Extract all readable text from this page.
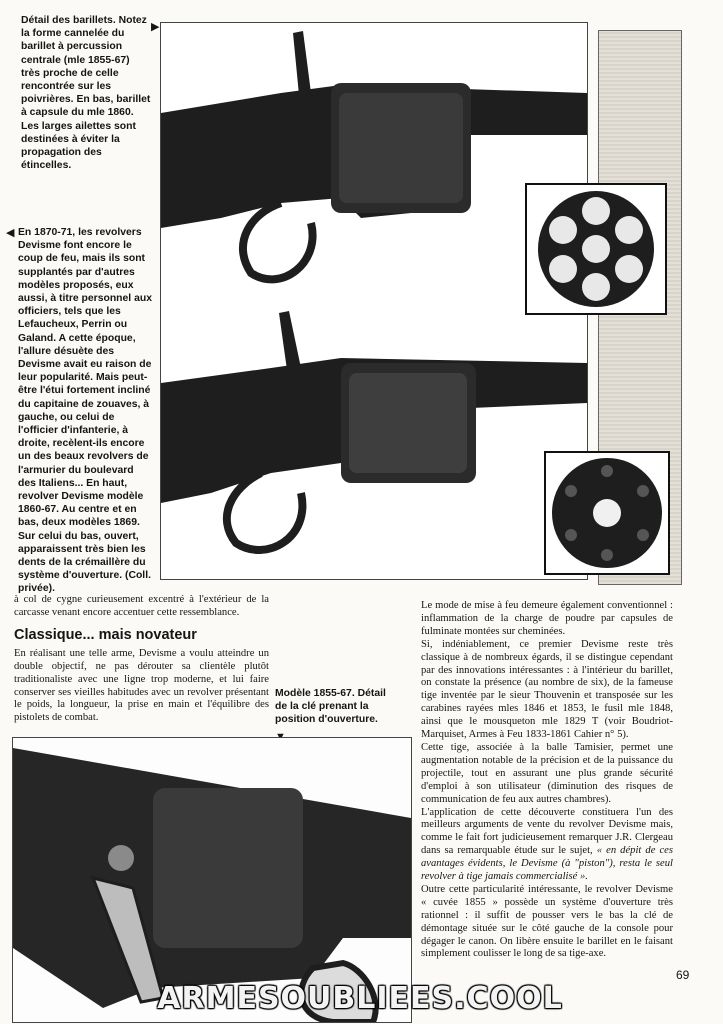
Détail des barillets. Notez la forme cannelée du barillet à percussion centrale (mle 1855-67) très proche de celle rencontrée sur les poivrières. En bas, barillet à capsule du mle 1860. Les larges ailettes sont destinées à éviter la propagation des étincelles.

▶
◀ En 1870-71, les revolvers Devisme font encore le coup de feu, mais ils sont supplantés par d'autres modèles proposés, eux aussi, à titre personnel aux officiers, tels que les Lefaucheux, Perrin ou Galand. A cette époque, l'allure désuète des Devisme avait eu raison de leur popularité. Mais peut-être l'étui fortement incliné du capitaine de zouaves, à gauche, ou celui de l'officier d'infanterie, à droite, recèlent-ils encore un des beaux revolvers de l'armurier du boulevard des Italiens... En haut, revolver Devisme modèle 1860-67. Au centre et en bas, deux modèles 1869. Sur celui du bas, ouvert, apparaissent très bien les dents de la crémaillère du système d'ouverture. (Coll. privée).

à col de cygne curieusement excentré à l'extérieur de la carcasse venant encore accentuer cette ressemblance.

Classique... mais novateur

En réalisant une telle arme, Devisme a voulu atteindre un double objectif, ne pas dérouter sa clientèle plutôt traditionaliste avec une ligne trop moderne, et lui faire conserver ses vieilles habitudes avec un revolver présentant le poids, la longueur, la prise en main et l'équilibre des pistolets de combat.

Modèle 1855-67. Détail de la clé prenant la position d'ouverture.

Le mode de mise à feu demeure également conventionnel : inflammation de la charge de poudre par capsules de fulminate montées sur cheminées.

Si, indéniablement, ce premier Devisme reste très classique à de nombreux égards, il se distingue cependant par des innovations intéressantes : à l'intérieur du barillet, on constate la présence (au nombre de six), de la fameuse tige inventée par le sieur Thouvenin et transposée sur les carabines rayées mles 1846 et 1853, le fusil mle 1848, ainsi que le mousqueton mle 1829 T (voir Boudriot-Marquiset, Armes à Feu 1833-1861 Cahier n° 5).

Cette tige, associée à la balle Tamisier, permet une augmentation notable de la précision et de la puissance du projectile, tout en assurant une plus grande sécurité d'emploi à son utilisateur (diminution des risques de communication de feu aux autres chambres).

L'application de cette découverte constituera l'un des meilleurs arguments de vente du revolver Devisme mais, comme le fait fort judicieusement remarquer J.R. Clergeau dans sa remarquable étude sur le sujet, « en dépit de ces avantages évidents, le Devisme (à "piston"), resta le seul revolver à tige jamais commercialisé ».

Outre cette particularité intéressante, le revolver Devisme « cuvée 1855 » possède un système d'ouverture très rationnel : il suffit de pousser vers le bas la clé de démontage située sur le côté gauche de la console pour dégager le canon. On libère ensuite le barillet en le faisant simplement coulisser le long de sa tige-axe.

69
ARMESOUBLIEES.COOL
